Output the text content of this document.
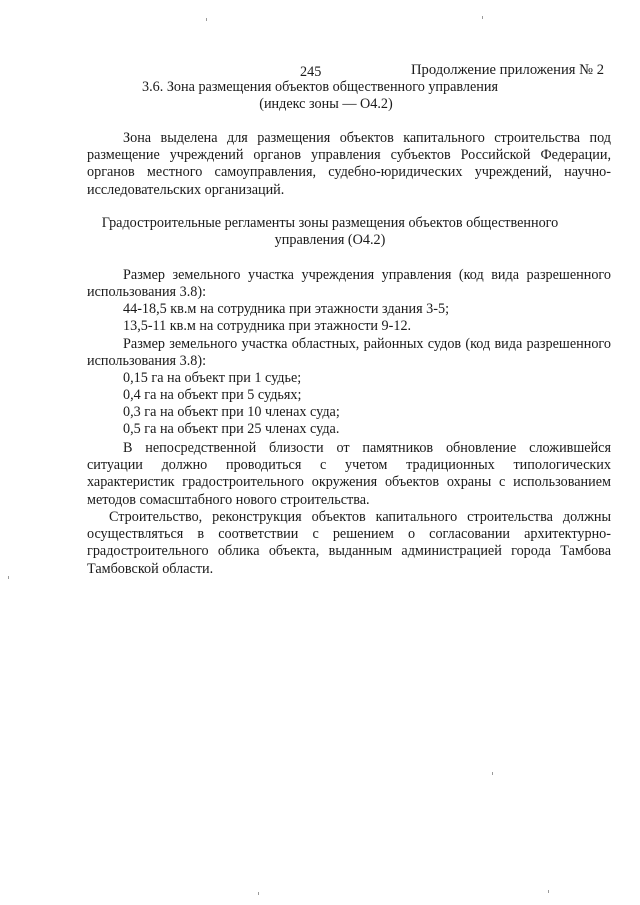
245	Продолжение приложения № 2
3.6. Зона размещения объектов общественного управления
(индекс зоны — О4.2)
Зона выделена для размещения объектов капитального строительства под размещение учреждений органов управления субъектов Российской Федерации, органов местного самоуправления, судебно-юридических учреждений, научно-исследовательских организаций.
Градостроительные регламенты зоны размещения объектов общественного
управления (О4.2)
Размер земельного участка учреждения управления (код вида разрешенного использования 3.8):
44-18,5 кв.м на сотрудника при этажности здания 3-5;
13,5-11 кв.м на сотрудника при этажности 9-12.
Размер земельного участка областных, районных судов (код вида разрешенного использования 3.8):
0,15 га на объект при 1 судье;
0,4 га на объект при 5 судьях;
0,3 га на объект при 10 членах суда;
0,5 га на объект при 25 членах суда.
В непосредственной близости от памятников обновление сложившейся ситуации должно проводиться с учетом традиционных типологических характеристик градостроительного окружения объектов охраны с использованием методов сомасштабного нового строительства.
Строительство, реконструкция объектов капитального строительства должны осуществляться в соответствии с решением о согласовании архитектурно-градостроительного облика объекта, выданным администрацией города Тамбова Тамбовской области.
